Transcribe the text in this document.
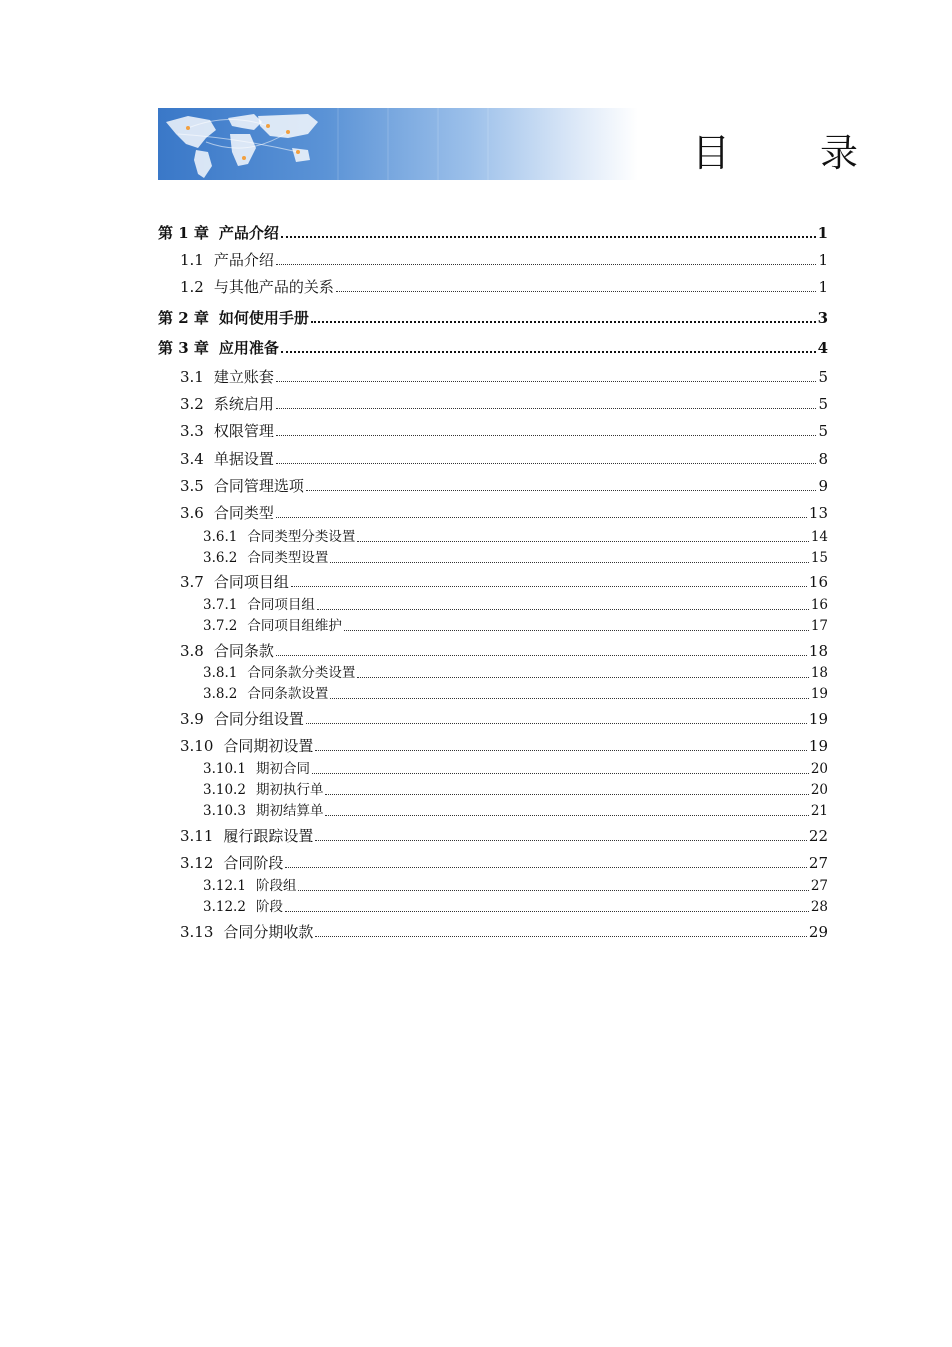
目　录
第 1 章 产品介绍	1
1.1 产品介绍	1
1.2 与其他产品的关系	1
第 2 章 如何使用手册	3
第 3 章 应用准备	4
3.1 建立账套	5
3.2 系统启用	5
3.3 权限管理	5
3.4 单据设置	8
3.5 合同管理选项	9
3.6 合同类型	13
3.6.1 合同类型分类设置	14
3.6.2 合同类型设置	15
3.7 合同项目组	16
3.7.1 合同项目组	16
3.7.2 合同项目组维护	17
3.8 合同条款	18
3.8.1 合同条款分类设置	18
3.8.2 合同条款设置	19
3.9 合同分组设置	19
3.10 合同期初设置	19
3.10.1 期初合同	20
3.10.2 期初执行单	20
3.10.3 期初结算单	21
3.11 履行跟踪设置	22
3.12 合同阶段	27
3.12.1 阶段组	27
3.12.2 阶段	28
3.13 合同分期收款	29
